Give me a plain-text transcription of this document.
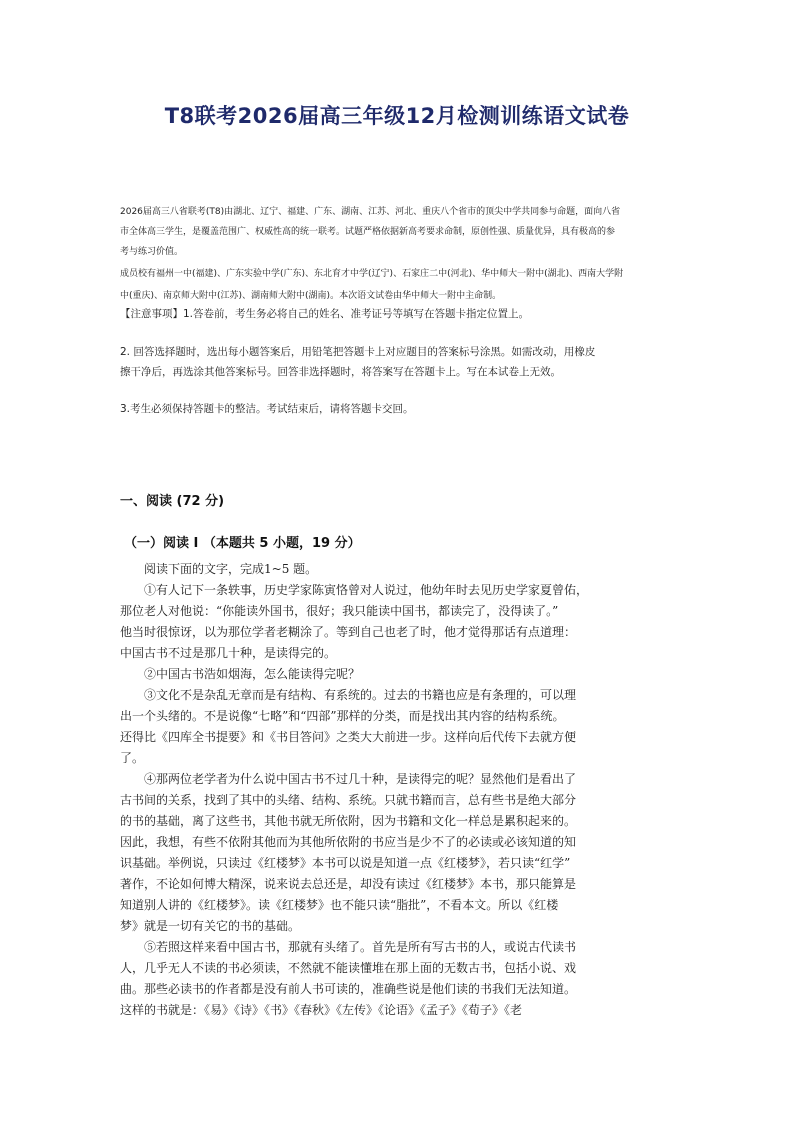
T8联考2026届高三年级12月检测训练语文试卷
2026届高三八省联考(T8)由湖北、辽宁、福建、广东、湖南、江苏、河北、重庆八个省市的顶尖中学共同参与命题，面向八省
市全体高三学生，是覆盖范围广、权威性高的统一联考。试题严格依据新高考要求命制，原创性强、质量优异，具有极高的参
考与练习价值。
成员校有福州一中(福建)、广东实验中学(广东)、东北育才中学(辽宁)、石家庄二中(河北)、华中师大一附中(湖北)、西南大学附
中(重庆)、南京师大附中(江苏)、湖南师大附中(湖南)。本次语文试卷由华中师大一附中主命制。
【注意事项】1.答卷前，考生务必将自己的姓名、准考证号等填写在答题卡指定位置上。
2. 回答选择题时，选出每小题答案后，用铅笔把答题卡上对应题目的答案标号涂黑。如需改动，用橡皮
擦干净后，再选涂其他答案标号。回答非选择题时，将答案写在答题卡上。写在本试卷上无效。
3.考生必须保持答题卡的整洁。考试结束后，请将答题卡交回。
一、阅读 (72 分)
（一）阅读 I （本题共 5 小题，19 分）
　　阅读下面的文字，完成1~5 题。
　　①有人记下一条轶事，历史学家陈寅恪曾对人说过，他幼年时去见历史学家夏曾佑，
那位老人对他说：“你能读外国书，很好；我只能读中国书，都读完了，没得读了。”
他当时很惊讶，以为那位学者老糊涂了。等到自己也老了时，他才觉得那话有点道理：
中国古书不过是那几十种，是读得完的。
　　②中国古书浩如烟海，怎么能读得完呢？
　　③文化不是杂乱无章而是有结构、有系统的。过去的书籍也应是有条理的，可以理
出一个头绪的。不是说像“七略”和“四部”那样的分类，而是找出其内容的结构系统。
还得比《四库全书提要》和《书目答问》之类大大前进一步。这样向后代传下去就方便
了。
　　④那两位老学者为什么说中国古书不过几十种，是读得完的呢？显然他们是看出了
古书间的关系，找到了其中的头绪、结构、系统。只就书籍而言，总有些书是绝大部分
的书的基础，离了这些书，其他书就无所依附，因为书籍和文化一样总是累积起来的。
因此，我想，有些不依附其他而为其他所依附的书应当是少不了的必读或必该知道的知
识基础。举例说，只读过《红楼梦》本书可以说是知道一点《红楼梦》，若只读“红学”
著作，不论如何博大精深，说来说去总还是，却没有读过《红楼梦》本书，那只能算是
知道别人讲的《红楼梦》。读《红楼梦》也不能只读“脂批”，不看本文。所以《红楼
梦》就是一切有关它的书的基础。
　　⑤若照这样来看中国古书，那就有头绪了。首先是所有写古书的人，或说古代读书
人，几乎无人不读的书必须读，不然就不能读懂堆在那上面的无数古书，包括小说、戏
曲。那些必读书的作者都是没有前人书可读的，准确些说是他们读的书我们无法知道。
这样的书就是：《易》《诗》《书》《春秋》《左传》《论语》《孟子》《荀子》《老
